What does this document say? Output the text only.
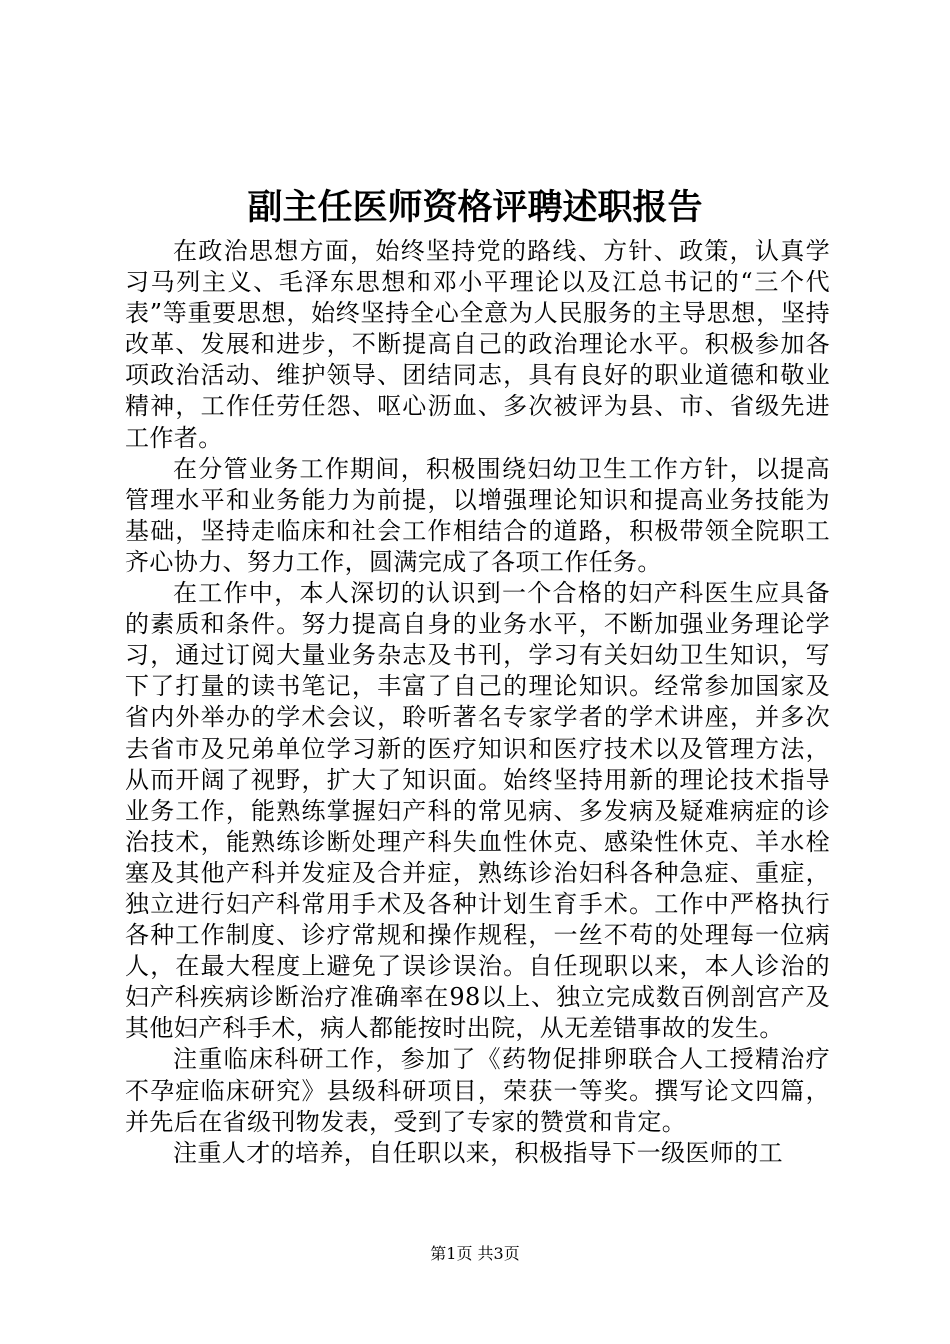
副主任医师资格评聘述职报告

在政治思想方面，始终坚持党的路线、方针、政策，认真学习马列主义、毛泽东思想和邓小平理论以及江总书记的“三个代表”等重要思想，始终坚持全心全意为人民服务的主导思想，坚持改革、发展和进步，不断提高自己的政治理论水平。积极参加各项政治活动、维护领导、团结同志，具有良好的职业道德和敬业精神，工作任劳任怨、呕心沥血、多次被评为县、市、省级先进工作者。

在分管业务工作期间，积极围绕妇幼卫生工作方针，以提高管理水平和业务能力为前提，以增强理论知识和提高业务技能为基础，坚持走临床和社会工作相结合的道路，积极带领全院职工齐心协力、努力工作，圆满完成了各项工作任务。

在工作中，本人深切的认识到一个合格的妇产科医生应具备的素质和条件。努力提高自身的业务水平，不断加强业务理论学习，通过订阅大量业务杂志及书刊，学习有关妇幼卫生知识，写下了打量的读书笔记，丰富了自己的理论知识。经常参加国家及省内外举办的学术会议，聆听著名专家学者的学术讲座，并多次去省市及兄弟单位学习新的医疗知识和医疗技术以及管理方法，从而开阔了视野，扩大了知识面。始终坚持用新的理论技术指导业务工作，能熟练掌握妇产科的常见病、多发病及疑难病症的诊治技术，能熟练诊断处理产科失血性休克、感染性休克、羊水栓塞及其他产科并发症及合并症，熟练诊治妇科各种急症、重症，独立进行妇产科常用手术及各种计划生育手术。工作中严格执行各种工作制度、诊疗常规和操作规程，一丝不苟的处理每一位病人，在最大程度上避免了误诊误治。自任现职以来，本人诊治的妇产科疾病诊断治疗准确率在98以上、独立完成数百例剖宫产及其他妇产科手术，病人都能按时出院，从无差错事故的发生。

注重临床科研工作，参加了《药物促排卵联合人工授精治疗不孕症临床研究》县级科研项目，荣获一等奖。撰写论文四篇，并先后在省级刊物发表，受到了专家的赞赏和肯定。

注重人才的培养，自任职以来，积极指导下一级医师的工

第1页 共3页
